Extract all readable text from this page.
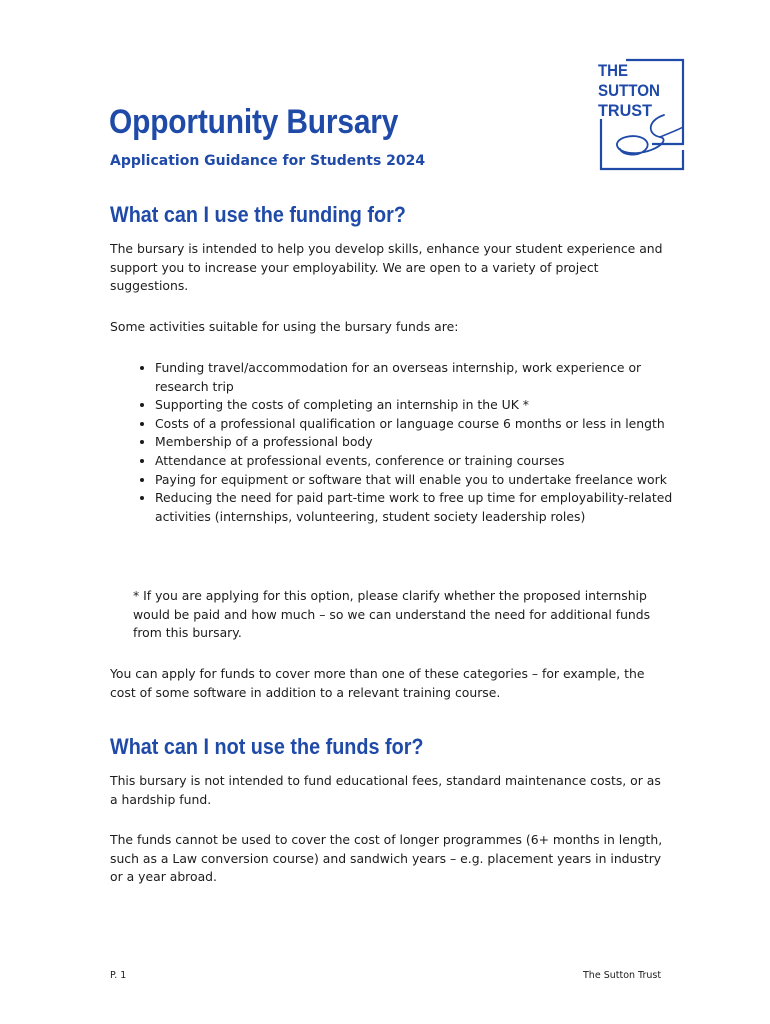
THE
SUTTON
TRUST
Opportunity Bursary

Application Guidance for Students 2024

What can I use the funding for?

The bursary is intended to help you develop skills, enhance your student experience and support you to increase your employability. We are open to a variety of project suggestions.

Some activities suitable for using the bursary funds are:

• Funding travel/accommodation for an overseas internship, work experience or research trip
• Supporting the costs of completing an internship in the UK *
• Costs of a professional qualification or language course 6 months or less in length
• Membership of a professional body
• Attendance at professional events, conference or training courses
• Paying for equipment or software that will enable you to undertake freelance work
• Reducing the need for paid part-time work to free up time for employability-related activities (internships, volunteering, student society leadership roles)

* If you are applying for this option, please clarify whether the proposed internship would be paid and how much – so we can understand the need for additional funds from this bursary.

You can apply for funds to cover more than one of these categories – for example, the cost of some software in addition to a relevant training course.

What can I not use the funds for?

This bursary is not intended to fund educational fees, standard maintenance costs, or as a hardship fund.

The funds cannot be used to cover the cost of longer programmes (6+ months in length, such as a Law conversion course) and sandwich years – e.g. placement years in industry or a year abroad.

P. 1	The Sutton Trust
